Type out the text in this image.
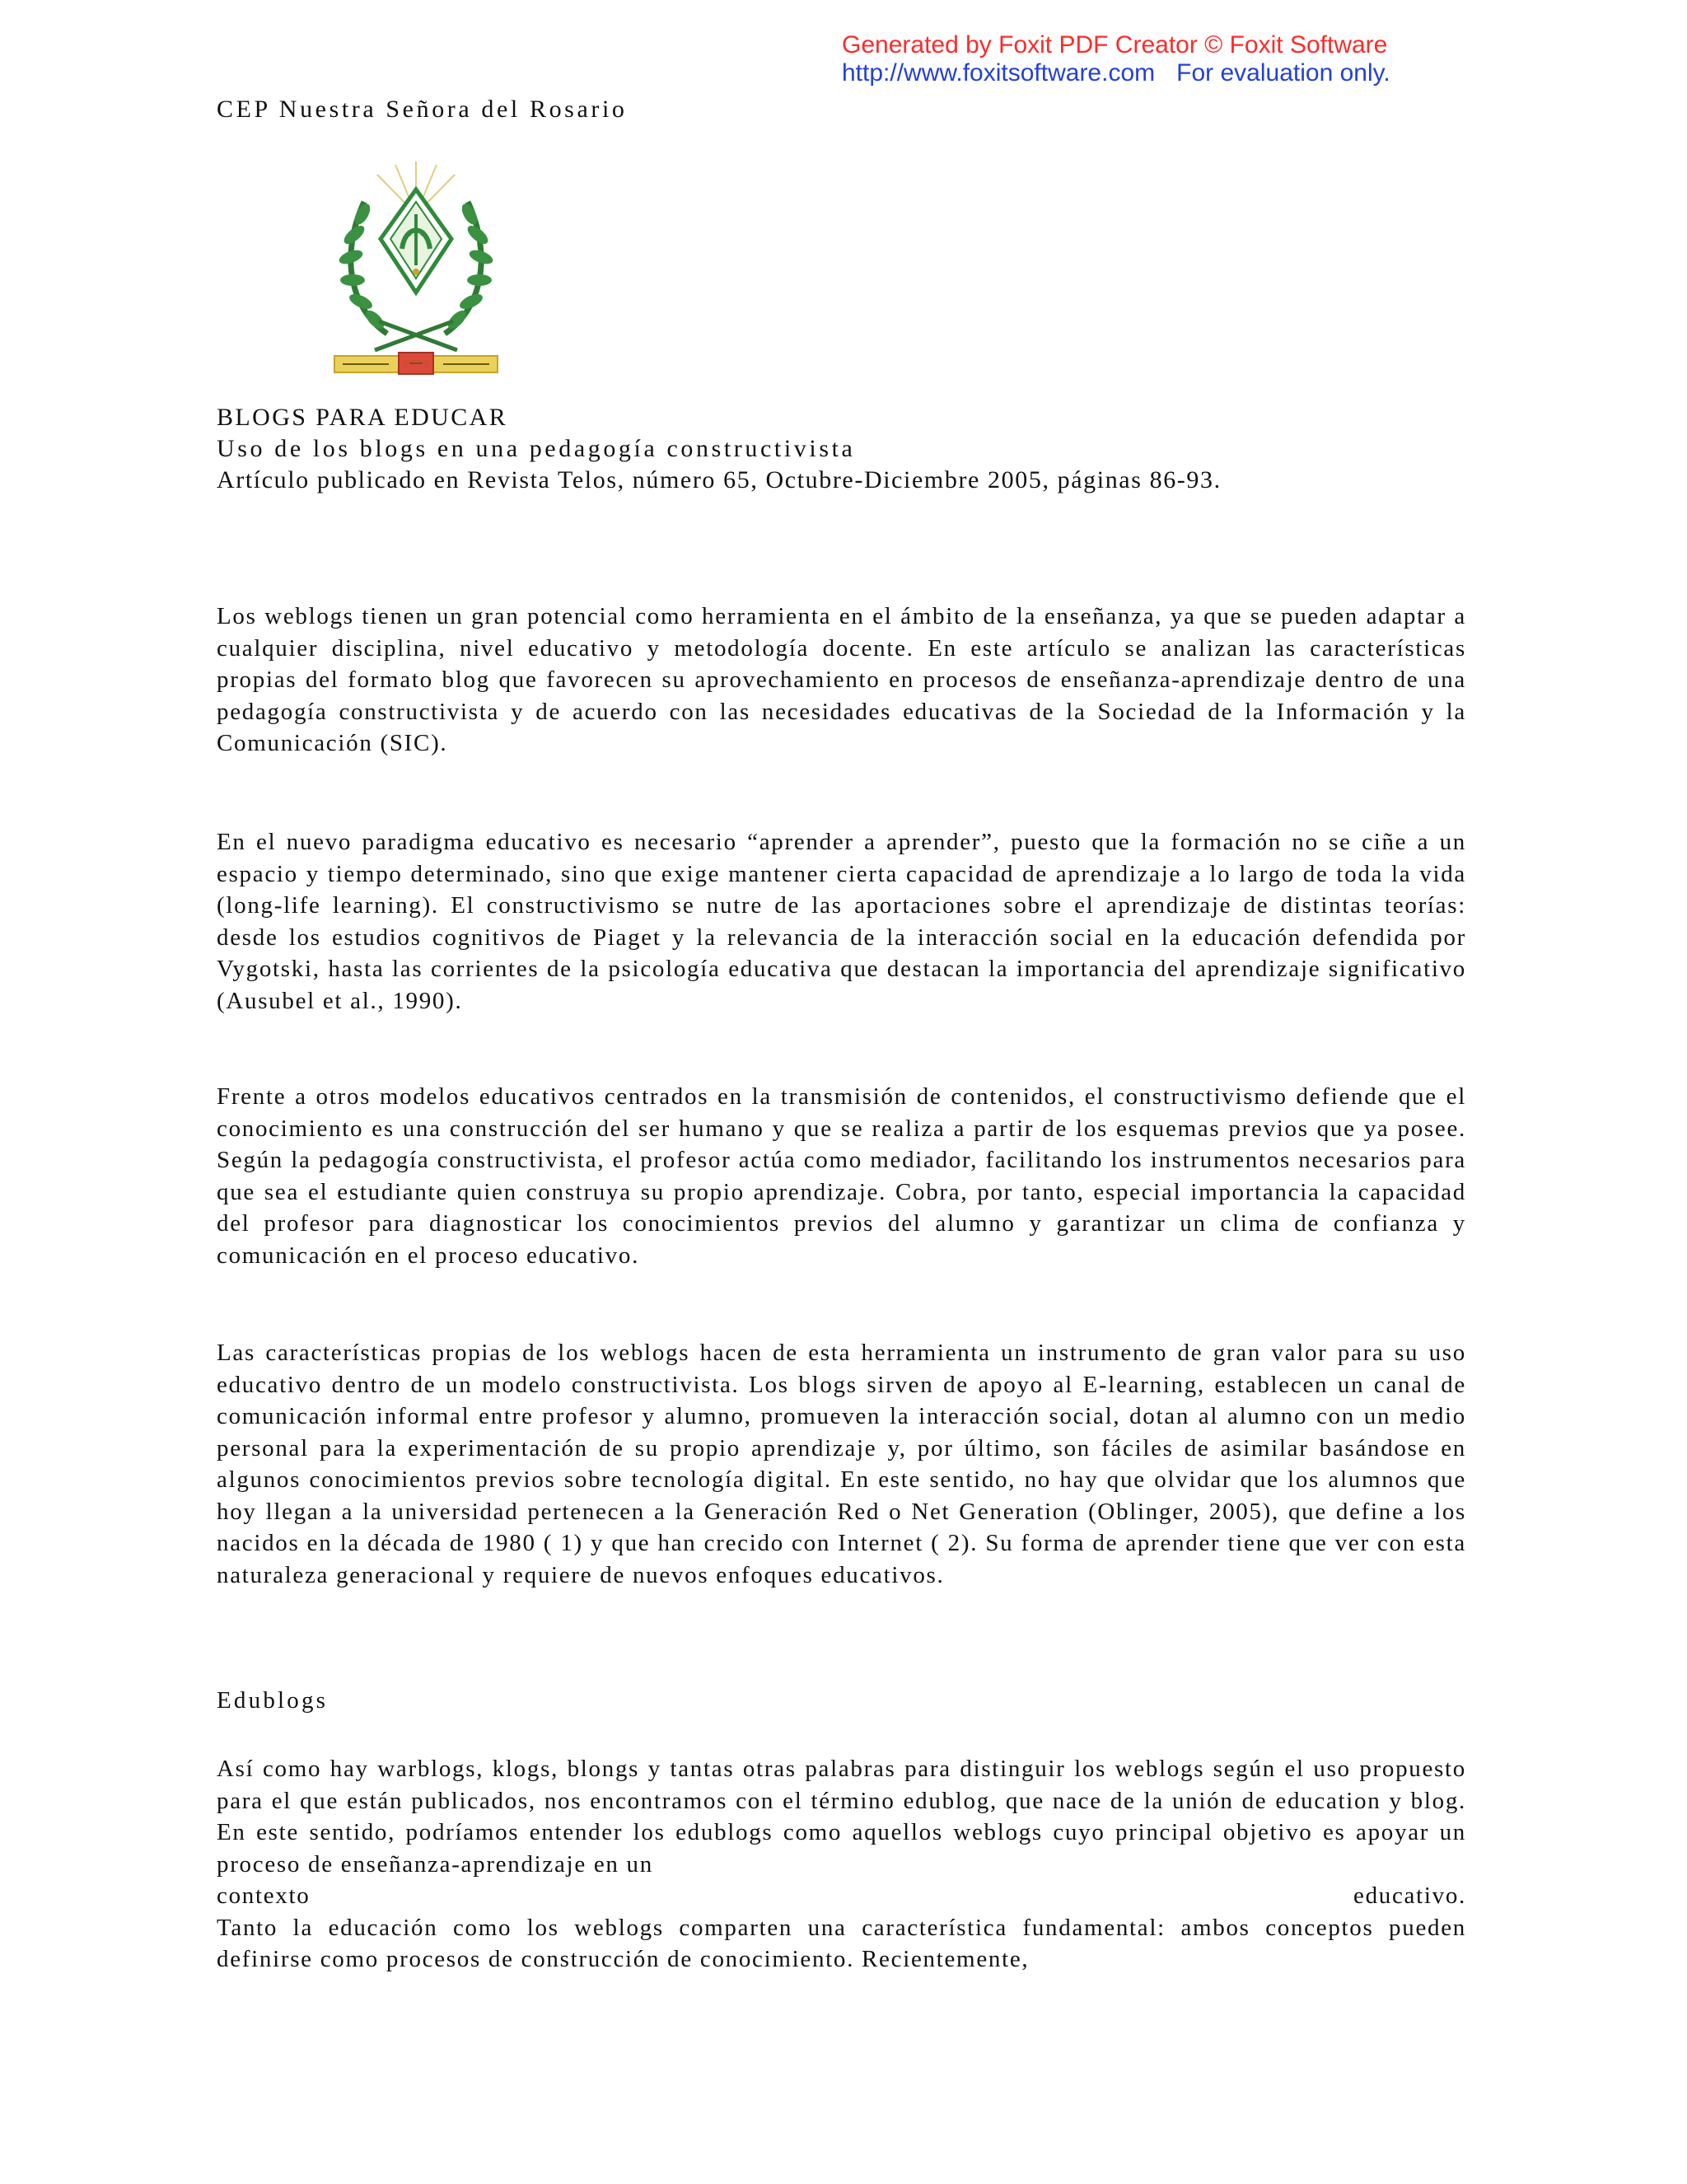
Generated by Foxit PDF Creator © Foxit Software
http://www.foxitsoftware.com For evaluation only.
CEP Nuestra Señora del Rosario
BLOGS PARA EDUCAR
Uso de los blogs en una pedagogía constructivista
Artículo publicado en Revista Telos, número 65, Octubre-Diciembre 2005, páginas 86-93.

Los weblogs tienen un gran potencial como herramienta en el ámbito de la enseñanza, ya que se pueden adaptar a cualquier disciplina, nivel educativo y metodología docente. En este artículo se analizan las características propias del formato blog que favorecen su aprovechamiento en procesos de enseñanza-aprendizaje dentro de una pedagogía constructivista y de acuerdo con las necesidades educativas de la Sociedad de la Información y la Comunicación (SIC).

En el nuevo paradigma educativo es necesario “aprender a aprender”, puesto que la formación no se ciñe a un espacio y tiempo determinado, sino que exige mantener cierta capacidad de aprendizaje a lo largo de toda la vida (long-life learning). El constructivismo se nutre de las aportaciones sobre el aprendizaje de distintas teorías: desde los estudios cognitivos de Piaget y la relevancia de la interacción social en la educación defendida por Vygotski, hasta las corrientes de la psicología educativa que destacan la importancia del aprendizaje significativo (Ausubel et al., 1990).

Frente a otros modelos educativos centrados en la transmisión de contenidos, el constructivismo defiende que el conocimiento es una construcción del ser humano y que se realiza a partir de los esquemas previos que ya posee. Según la pedagogía constructivista, el profesor actúa como mediador, facilitando los instrumentos necesarios para que sea el estudiante quien construya su propio aprendizaje. Cobra, por tanto, especial importancia la capacidad del profesor para diagnosticar los conocimientos previos del alumno y garantizar un clima de confianza y comunicación en el proceso educativo.

Las características propias de los weblogs hacen de esta herramienta un instrumento de gran valor para su uso educativo dentro de un modelo constructivista. Los blogs sirven de apoyo al E-learning, establecen un canal de comunicación informal entre profesor y alumno, promueven la interacción social, dotan al alumno con un medio personal para la experimentación de su propio aprendizaje y, por último, son fáciles de asimilar basándose en algunos conocimientos previos sobre tecnología digital. En este sentido, no hay que olvidar que los alumnos que hoy llegan a la universidad pertenecen a la Generación Red o Net Generation (Oblinger, 2005), que define a los nacidos en la década de 1980 ( 1) y que han crecido con Internet ( 2). Su forma de aprender tiene que ver con esta naturaleza generacional y requiere de nuevos enfoques educativos.

Edublogs

Así como hay warblogs, klogs, blongs y tantas otras palabras para distinguir los weblogs según el uso propuesto para el que están publicados, nos encontramos con el término edublog, que nace de la unión de education y blog. En este sentido, podríamos entender los edublogs como aquellos weblogs cuyo principal objetivo es apoyar un proceso de enseñanza-aprendizaje en un

contexto	educativo.

Tanto la educación como los weblogs comparten una característica fundamental: ambos conceptos pueden definirse como procesos de construcción de conocimiento. Recientemente,
